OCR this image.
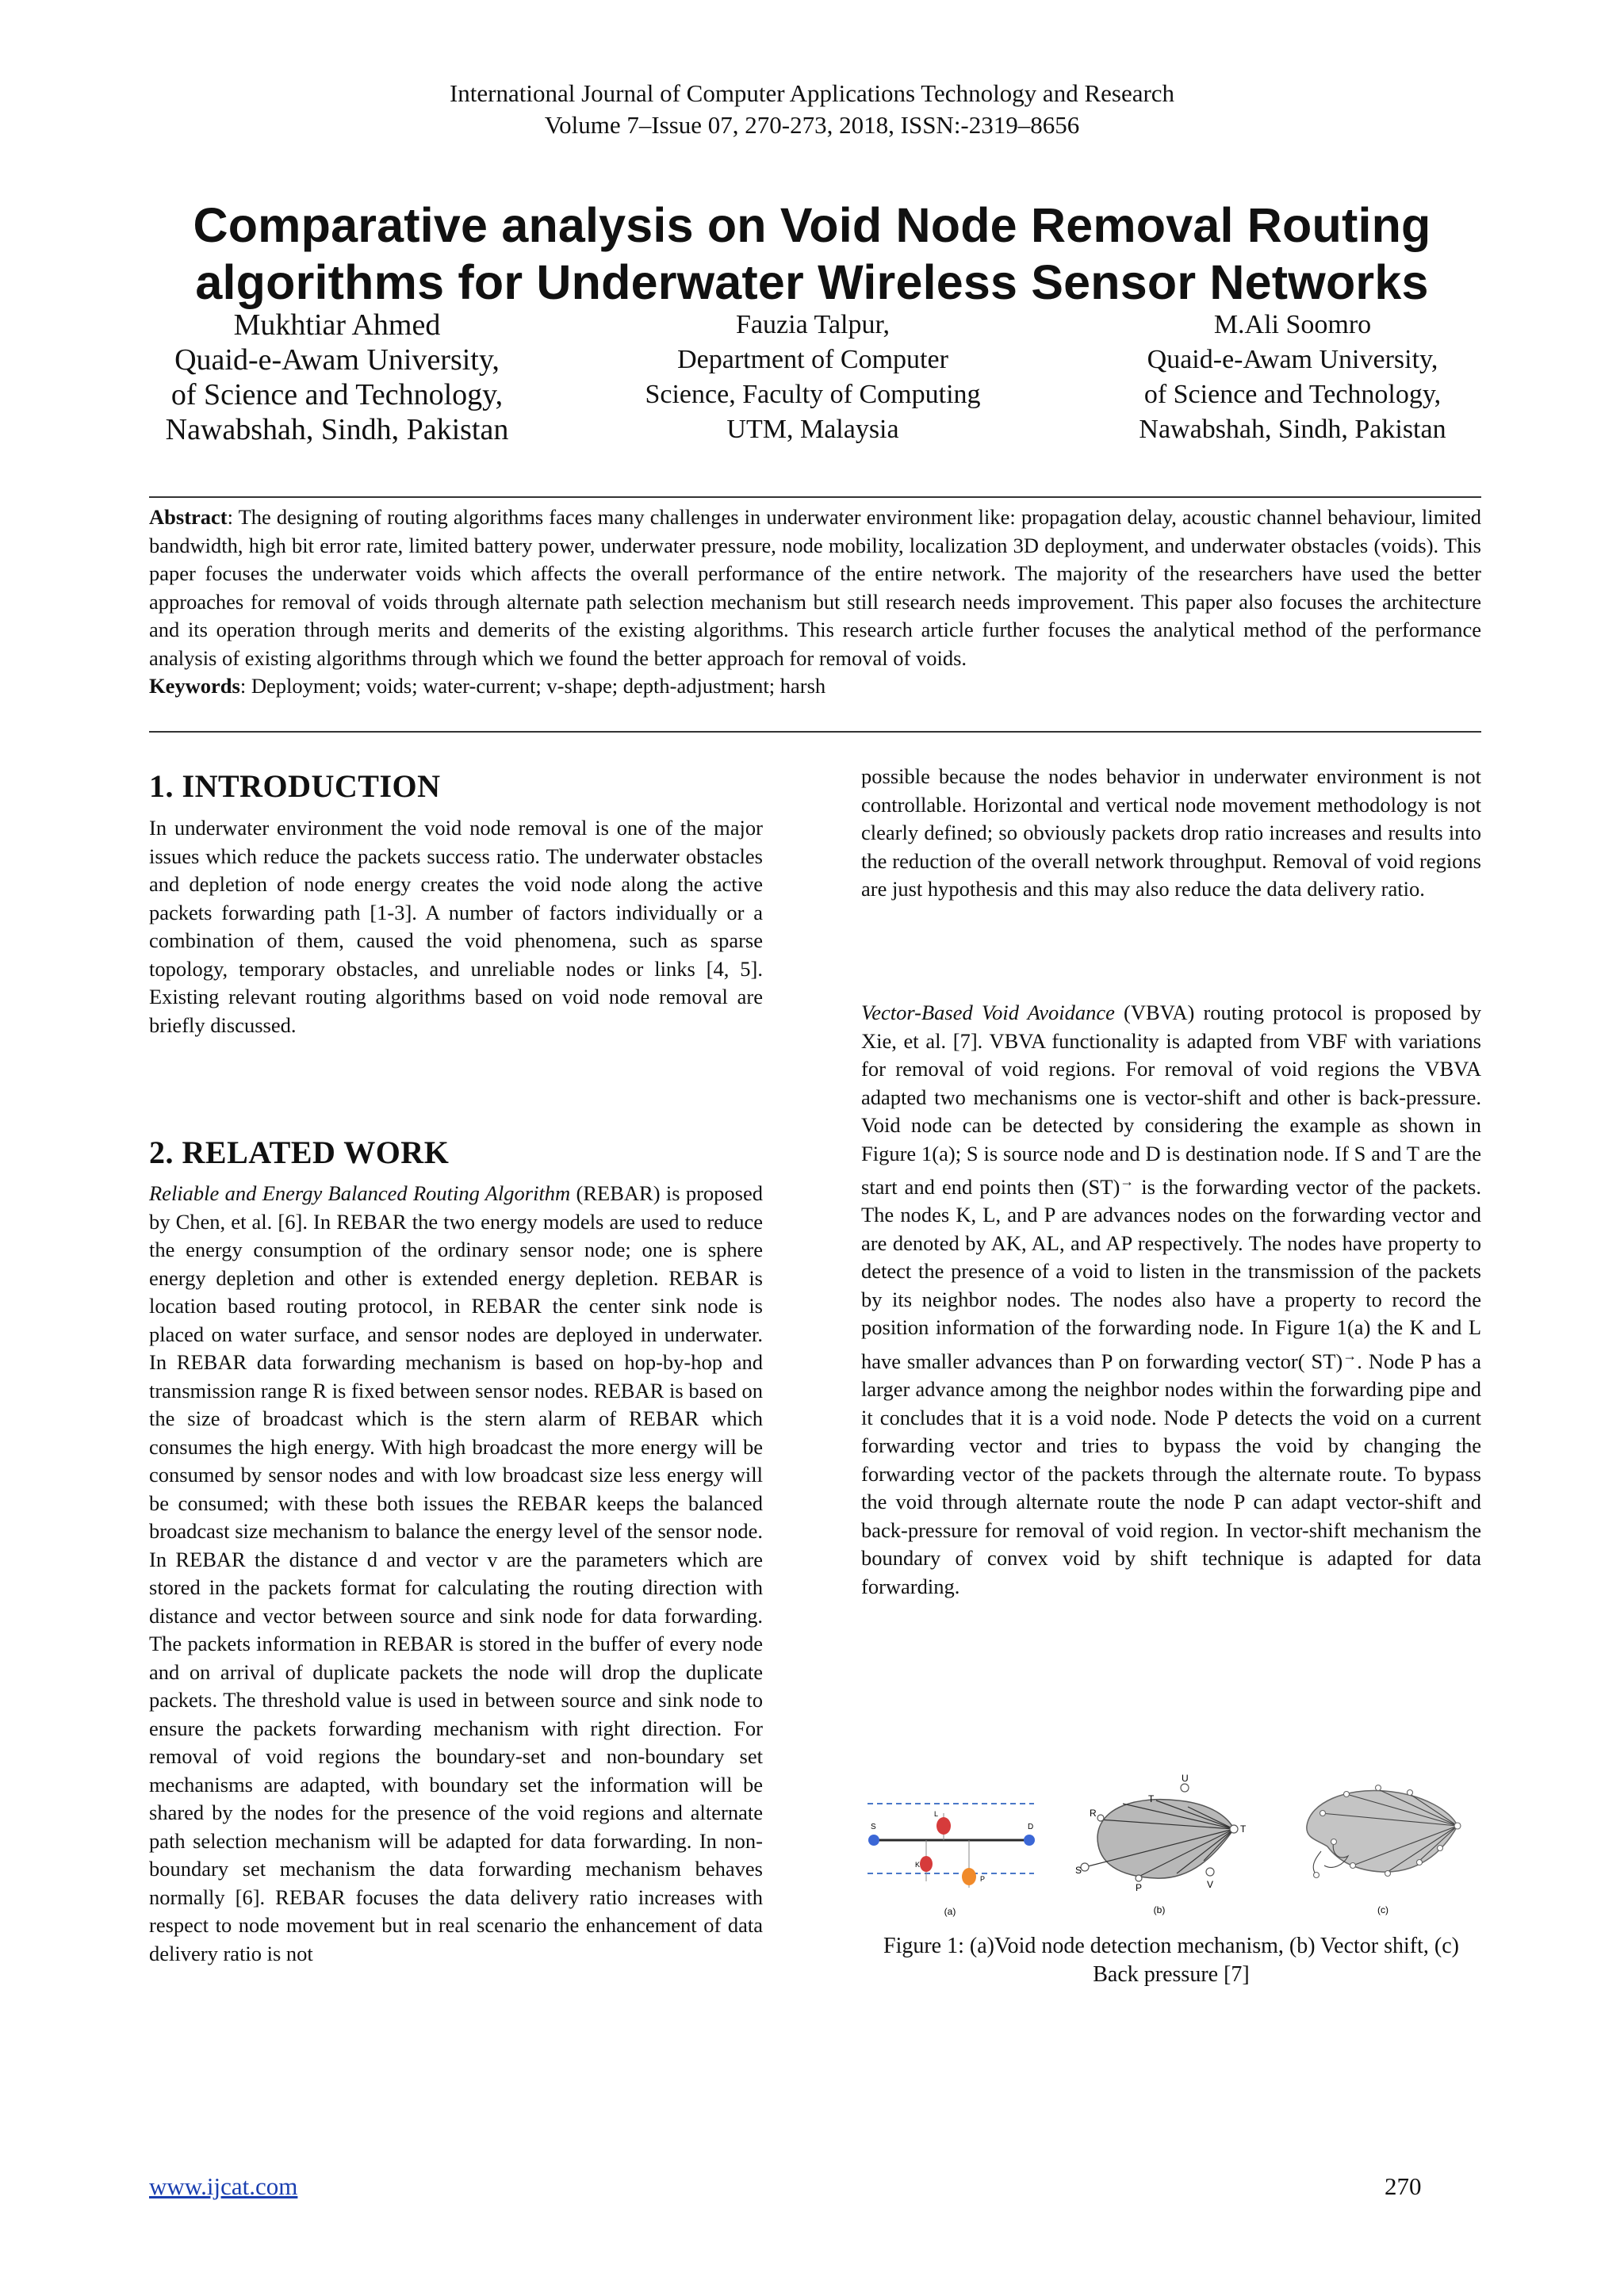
International Journal of Computer Applications Technology and Research
Volume 7–Issue 07, 270-273, 2018, ISSN:-2319–8656
Comparative analysis on Void Node Removal Routing
algorithms for Underwater Wireless Sensor Networks
Mukhtiar Ahmed
Quaid-e-Awam University,
of Science and Technology,
Nawabshah, Sindh, Pakistan
Fauzia Talpur,
Department of Computer
Science, Faculty of Computing
UTM, Malaysia
M.Ali Soomro
Quaid-e-Awam University,
of Science and Technology,
Nawabshah, Sindh, Pakistan
Abstract: The designing of routing algorithms faces many challenges in underwater environment like: propagation delay, acoustic channel behaviour, limited bandwidth, high bit error rate, limited battery power, underwater pressure, node mobility, localization 3D deployment, and underwater obstacles (voids). This paper focuses the underwater voids which affects the overall performance of the entire network. The majority of the researchers have used the better approaches for removal of voids through alternate path selection mechanism but still research needs improvement. This paper also focuses the architecture and its operation through merits and demerits of the existing algorithms. This research article further focuses the analytical method of the performance analysis of existing algorithms through which we found the better approach for removal of voids.
Keywords: Deployment; voids; water-current; v-shape; depth-adjustment; harsh
1. INTRODUCTION

In underwater environment the void node removal is one of the major issues which reduce the packets success ratio. The underwater obstacles and depletion of node energy creates the void node along the active packets forwarding path [1-3]. A number of factors individually or a combination of them, caused the void phenomena, such as sparse topology, temporary obstacles, and unreliable nodes or links [4, 5]. Existing relevant routing algorithms based on void node removal are briefly discussed.

2. RELATED WORK

Reliable and Energy Balanced Routing Algorithm (REBAR) is proposed by Chen, et al. [6]. In REBAR the two energy models are used to reduce the energy consumption of the ordinary sensor node; one is sphere energy depletion and other is extended energy depletion. REBAR is location based routing protocol, in REBAR the center sink node is placed on water surface, and sensor nodes are deployed in underwater. In REBAR data forwarding mechanism is based on hop-by-hop and transmission range R is fixed between sensor nodes. REBAR is based on the size of broadcast which is the stern alarm of REBAR which consumes the high energy. With high broadcast the more energy will be consumed by sensor nodes and with low broadcast size less energy will be consumed; with these both issues the REBAR keeps the balanced broadcast size mechanism to balance the energy level of the sensor node. In REBAR the distance d and vector v are the parameters which are stored in the packets format for calculating the routing direction with distance and vector between source and sink node for data forwarding. The packets information in REBAR is stored in the buffer of every node and on arrival of duplicate packets the node will drop the duplicate packets. The threshold value is used in between source and sink node to ensure the packets forwarding mechanism with right direction. For removal of void regions the boundary-set and non-boundary set mechanisms are adapted, with boundary set the information will be shared by the nodes for the presence of the void regions and alternate path selection mechanism will be adapted for data forwarding. In non-boundary set mechanism the data forwarding mechanism behaves normally [6]. REBAR focuses the data delivery ratio increases with respect to node movement but in real scenario the enhancement of data delivery ratio is not

possible because the nodes behavior in underwater environment is not controllable. Horizontal and vertical node movement methodology is not clearly defined; so obviously packets drop ratio increases and results into the reduction of the overall network throughput. Removal of void regions are just hypothesis and this may also reduce the data delivery ratio.

Vector-Based Void Avoidance (VBVA) routing protocol is proposed by Xie, et al. [7]. VBVA functionality is adapted from VBF with variations for removal of void regions. For removal of void regions the VBVA adapted two mechanisms one is vector-shift and other is back-pressure. Void node can be detected by considering the example as shown in Figure 1(a); S is source node and D is destination node. If S and T are the start and end points then (ST)→ is the forwarding vector of the packets. The nodes K, L, and P are advances nodes on the forwarding vector and are denoted by AK, AL, and AP respectively. The nodes have property to detect the presence of a void to listen in the transmission of the packets by its neighbor nodes. The nodes also have a property to record the position information of the forwarding node. In Figure 1(a) the K and L have smaller advances than P on forwarding vector( ST)→. Node P has a larger advance among the neighbor nodes within the forwarding pipe and it concludes that it is a void node. Node P detects the void on a current forwarding vector and tries to bypass the void by changing the forwarding vector of the packets through the alternate route. To bypass the void through alternate route the node P can adapt vector-shift and back-pressure for removal of void region. In vector-shift mechanism the boundary of convex void by shift technique is adapted for data forwarding.

S	D
K
L
P
(a)
S
R
T
U
T
V
P
(b)	(c)
Figure 1: (a)Void node detection mechanism, (b) Vector shift, (c) Back pressure [7]
www.ijcat.com	270
